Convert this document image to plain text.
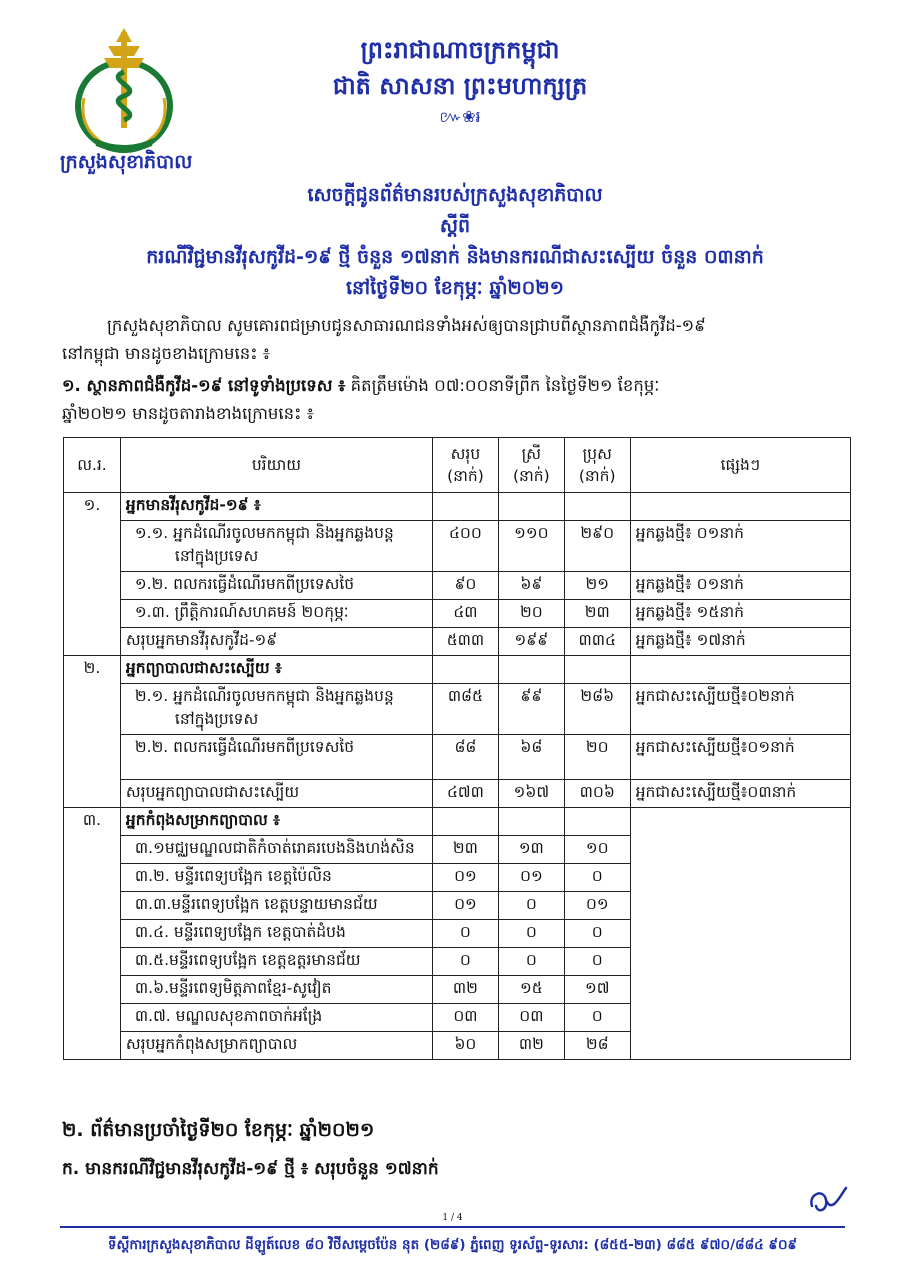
ក្រសួងសុខាភិបាល
ព្រះរាជាណាចក្រកម្ពុជា
ជាតិ សាសនា ព្រះមហាក្សត្រ
៚❀៛
សេចក្តីជូនព័ត៌មានរបស់ក្រសួងសុខាភិបាល
ស្តីពី
ករណីវិជ្ជមានវីរុសកូវីដ-១៩ ថ្មី ចំនួន ១៧នាក់ និងមានករណីជាសះស្បើយ ចំនួន ០៣នាក់
នៅថ្ងៃទី២០ ខែកុម្ភៈ ឆ្នាំ២០២១
ក្រសួងសុខាភិបាល សូមគោរពជម្រាបជូនសាធារណជនទាំងអស់ឲ្យបានជ្រាបពីស្ថានភាពជំងឺកូវីដ-១៩
នៅកម្ពុជា មានដូចខាងក្រោមនេះ ៖
១. ស្ថានភាពជំងឺកូវីដ-១៩ នៅទូទាំងប្រទេស ៖ គិតត្រឹមម៉ោង ០៧:០០នាទីព្រឹក នៃថ្ងៃទី២១ ខែកុម្ភៈ
ឆ្នាំ២០២១ មានដូចតារាងខាងក្រោមនេះ ៖
ល.រ.	បរិយាយ	សរុប (នាក់)	ស្រី (នាក់)	ប្រុស (នាក់)	ផ្សេងៗ
១.	អ្នកមានវីរុសកូវីដ-១៩ ៖				

	១.១. អ្នកដំណើរចូលមកកម្ពុជា និងអ្នកឆ្លងបន្ត
នៅក្នុងប្រទេស	៤០០	១១០	២៩០	អ្នកឆ្លងថ្មី៖ ០១នាក់
	១.២. ពលករធ្វើដំណើរមកពីប្រទេសថៃ	៩០	៦៩	២១	អ្នកឆ្លងថ្មី៖ ០១នាក់
	១.៣. ព្រឹត្តិការណ៍សហគមន៍ ២០កុម្ភៈ	៤៣	២០	២៣	អ្នកឆ្លងថ្មី៖ ១៥នាក់
	សរុបអ្នកមានវីរុសកូវីដ-១៩	៥៣៣	១៩៩	៣៣៤	អ្នកឆ្លងថ្មី៖ ១៧នាក់
២.	អ្នកព្យាបាលជាសះស្បើយ ៖				

	២.១. អ្នកដំណើរចូលមកកម្ពុជា និងអ្នកឆ្លងបន្ត
នៅក្នុងប្រទេស	៣៨៥	៩៩	២៨៦	អ្នកជាសះស្បើយថ្មី៖០២នាក់
	២.២. ពលករធ្វើដំណើរមកពីប្រទេសថៃ	៨៨	៦៨	២០	អ្នកជាសះស្បើយថ្មី៖០១នាក់
	សរុបអ្នកព្យាបាលជាសះស្បើយ	៤៧៣	១៦៧	៣០៦	អ្នកជាសះស្បើយថ្មី៖០៣នាក់
៣.	អ្នកកំពុងសម្រាកព្យាបាល ៖				
	៣.១មជ្ឈមណ្ឌលជាតិកំចាត់រោគរបេងនិងហង់សិន	២៣	១៣	១០	
	៣.២. មន្ទីរពេទ្យបង្អែក ខេត្តប៉ៃលិន	០១	០១	០	
	៣.៣.មន្ទីរពេទ្យបង្អែក ខេត្តបន្ទាយមានជ័យ	០១	០	០១	
	៣.៤. មន្ទីរពេទ្យបង្អែក ខេត្តបាត់ដំបង	០	០	០	
	៣.៥.មន្ទីរពេទ្យបង្អែក ខេត្តឧត្តរមានជ័យ	០	០	០	
	៣.៦.មន្ទីរពេទ្យមិត្តភាពខ្មែរ-សូវៀត	៣២	១៥	១៧	
	៣.៧. មណ្ឌលសុខភាពចាក់អង្រែ	០៣	០៣	០	
	សរុបអ្នកកំពុងសម្រាកព្យាបាល	៦០	៣២	២៨	
២. ព័ត៌មានប្រចាំថ្ងៃទី២០ ខែកុម្ភៈ ឆ្នាំ២០២១
ក. មានករណីវិជ្ជមានវីរុសកូវីដ-១៩ ថ្មី ៖ សរុបចំនួន ១៧នាក់
1 / 4
ទីស្តីការក្រសួងសុខាភិបាល ដីឡូត៍លេខ ៨០ វិថីសម្តេចប៉ែន នុត (២៨៩) ភ្នំពេញ ទូរស័ព្ទ-ទូរសារ: (៨៥៥-២៣) ៨៨៥ ៩៧០/៨៨៤ ៩០៩
